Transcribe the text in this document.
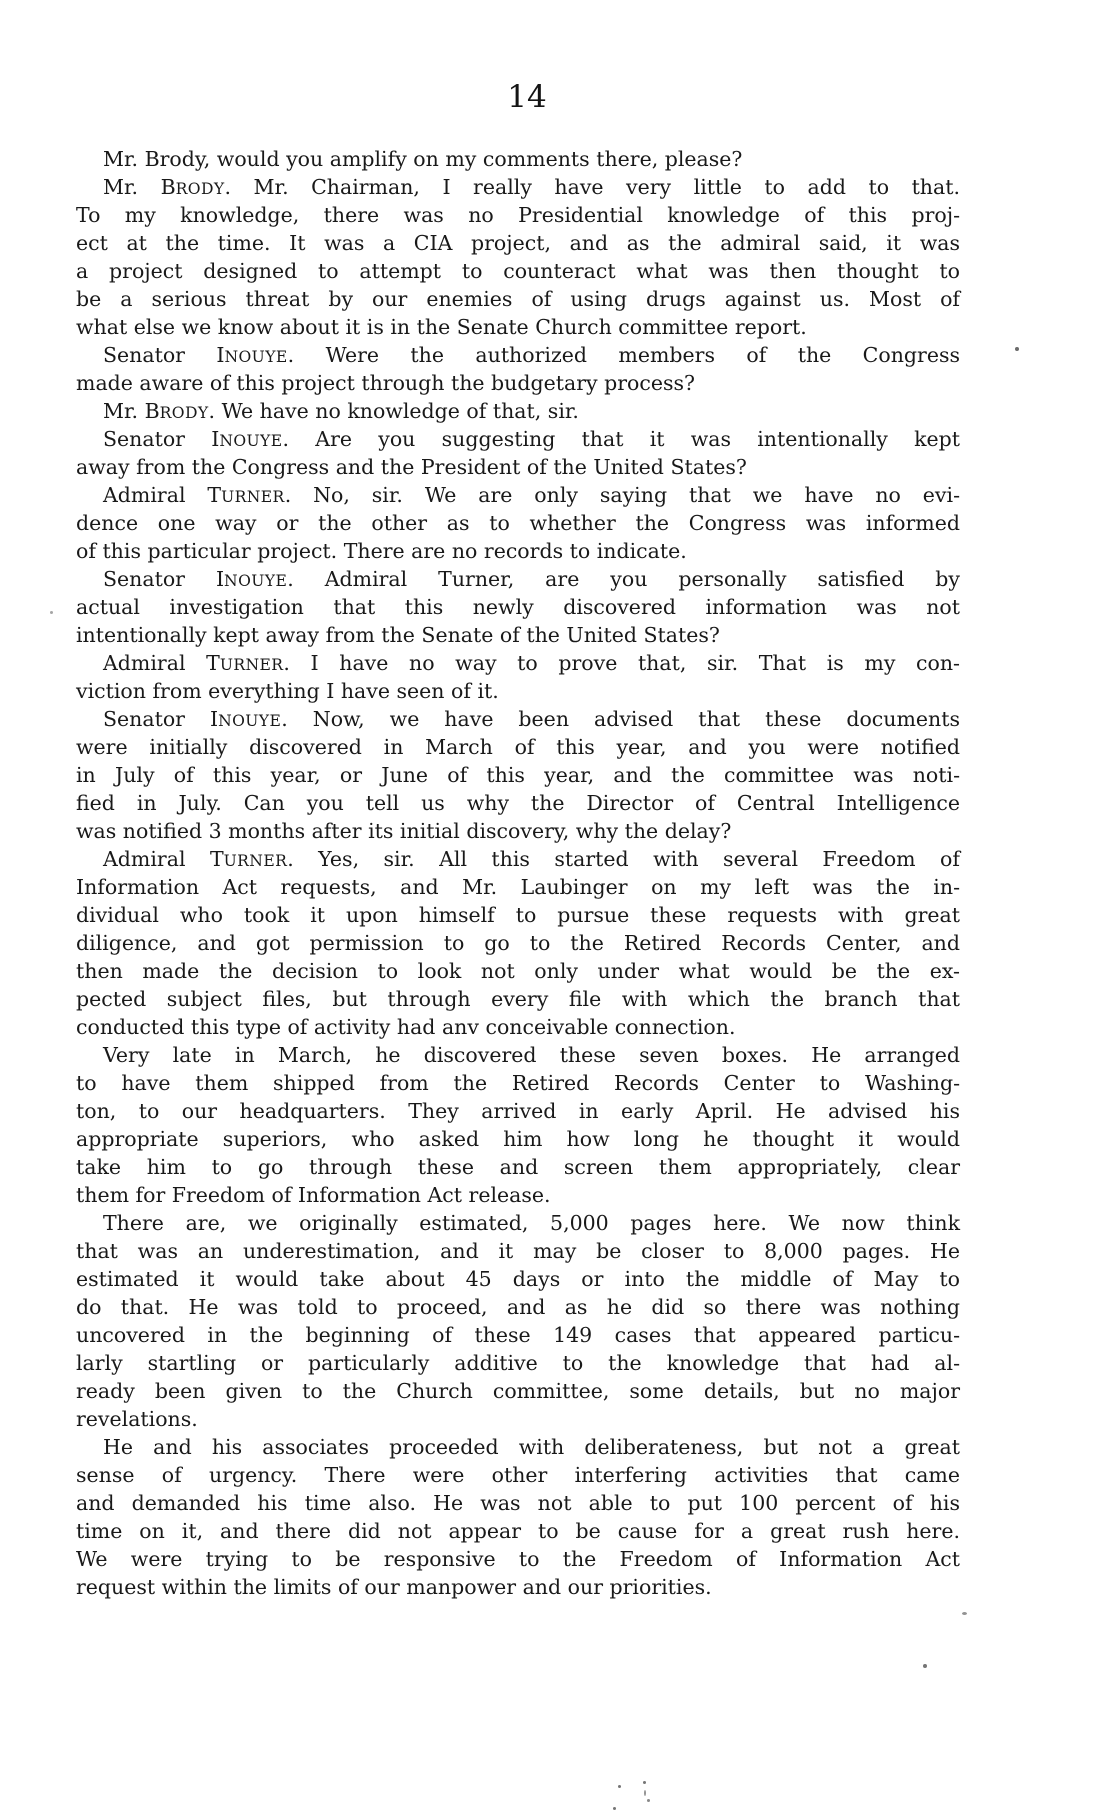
14
Mr. Brody, would you amplify on my comments there, please?
Mr. BRODY. Mr. Chairman, I really have very little to add to that.
To my knowledge, there was no Presidential knowledge of this proj-
ect at the time. It was a CIA project, and as the admiral said, it was
a project designed to attempt to counteract what was then thought to
be a serious threat by our enemies of using drugs against us. Most of
what else we know about it is in the Senate Church committee report.
Senator INOUYE. Were the authorized members of the Congress
made aware of this project through the budgetary process?
Mr. BRODY. We have no knowledge of that, sir.
Senator INOUYE. Are you suggesting that it was intentionally kept
away from the Congress and the President of the United States?
Admiral TURNER. No, sir. We are only saying that we have no evi-
dence one way or the other as to whether the Congress was informed
of this particular project. There are no records to indicate.
Senator INOUYE. Admiral Turner, are you personally satisfied by
actual investigation that this newly discovered information was not
intentionally kept away from the Senate of the United States?
Admiral TURNER. I have no way to prove that, sir. That is my con-
viction from everything I have seen of it.
Senator INOUYE. Now, we have been advised that these documents
were initially discovered in March of this year, and you were notified
in July of this year, or June of this year, and the committee was noti-
fied in July. Can you tell us why the Director of Central Intelligence
was notified 3 months after its initial discovery, why the delay?
Admiral TURNER. Yes, sir. All this started with several Freedom of
Information Act requests, and Mr. Laubinger on my left was the in-
dividual who took it upon himself to pursue these requests with great
diligence, and got permission to go to the Retired Records Center, and
then made the decision to look not only under what would be the ex-
pected subject files, but through every file with which the branch that
conducted this type of activity had anv conceivable connection.
Very late in March, he discovered these seven boxes. He arranged
to have them shipped from the Retired Records Center to Washing-
ton, to our headquarters. They arrived in early April. He advised his
appropriate superiors, who asked him how long he thought it would
take him to go through these and screen them appropriately, clear
them for Freedom of Information Act release.
There are, we originally estimated, 5,000 pages here. We now think
that was an underestimation, and it may be closer to 8,000 pages. He
estimated it would take about 45 days or into the middle of May to
do that. He was told to proceed, and as he did so there was nothing
uncovered in the beginning of these 149 cases that appeared particu-
larly startling or particularly additive to the knowledge that had al-
ready been given to the Church committee, some details, but no major
revelations.
He and his associates proceeded with deliberateness, but not a great
sense of urgency. There were other interfering activities that came
and demanded his time also. He was not able to put 100 percent of his
time on it, and there did not appear to be cause for a great rush here.
We were trying to be responsive to the Freedom of Information Act
request within the limits of our manpower and our priorities.
